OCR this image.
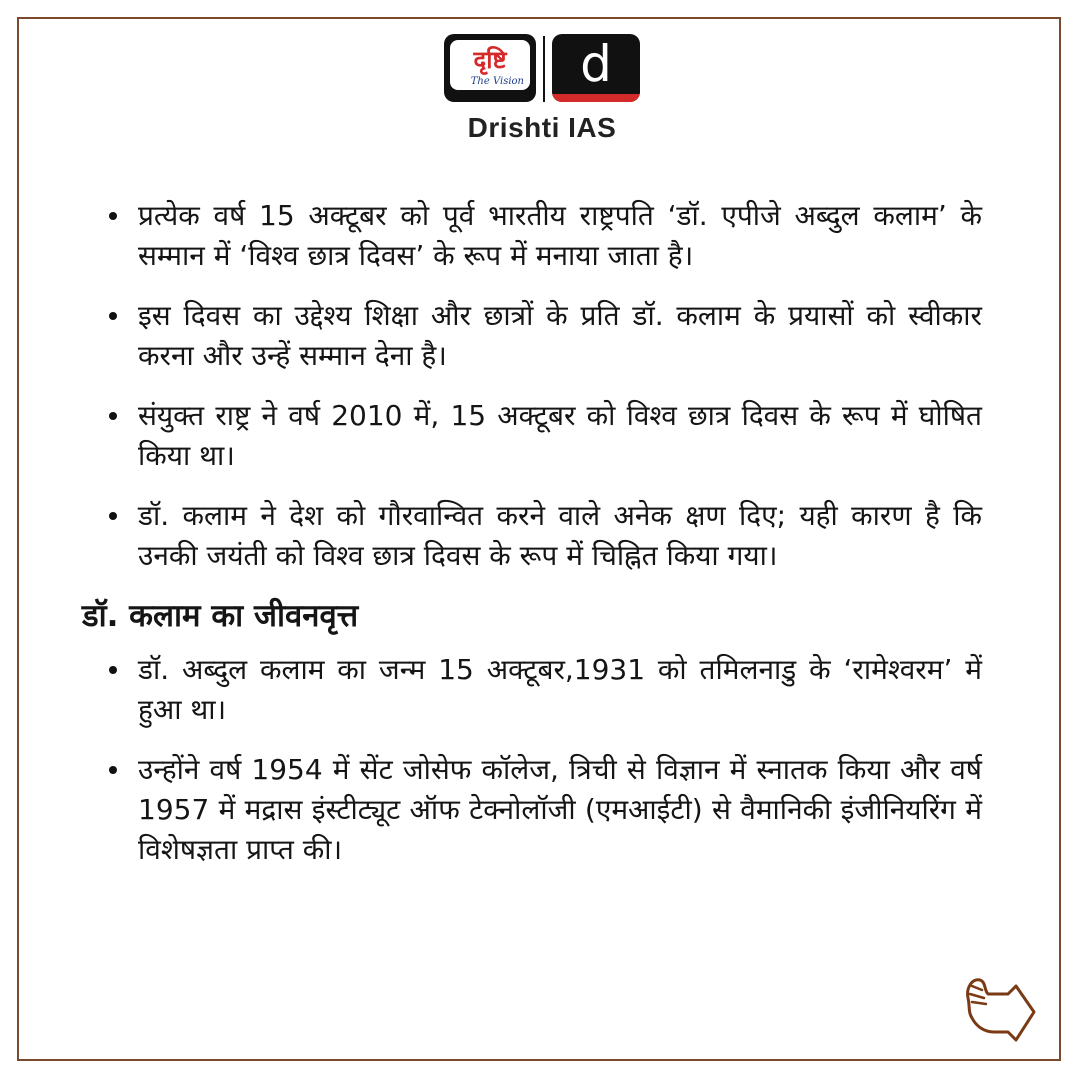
दृष्टि
The Vision	d
Drishti IAS
प्रत्येक वर्ष 15 अक्टूबर को पूर्व भारतीय राष्ट्रपति ‘डॉ. एपीजे अब्दुल कलाम’ के सम्मान में ‘विश्व छात्र दिवस’ के रूप में मनाया जाता है।
इस दिवस का उद्देश्य शिक्षा और छात्रों के प्रति डॉ. कलाम के प्रयासों को स्वीकार करना और उन्हें सम्मान देना है।
संयुक्त राष्ट्र ने वर्ष 2010 में, 15 अक्टूबर को विश्व छात्र दिवस के रूप में घोषित किया था।
डॉ. कलाम ने देश को गौरवान्वित करने वाले अनेक क्षण दिए; यही कारण है कि उनकी जयंती को विश्व छात्र दिवस के रूप में चिह्नित किया गया।
डॉ. कलाम का जीवनवृत्त
डॉ. अब्दुल कलाम का जन्म 15 अक्टूबर,1931 को तमिलनाडु के ‘रामेश्वरम’ में हुआ था।
उन्होंने वर्ष 1954 में सेंट जोसेफ कॉलेज, त्रिची से विज्ञान में स्नातक किया और वर्ष 1957 में मद्रास इंस्टीट्यूट ऑफ टेक्नोलॉजी (एमआईटी) से वैमानिकी इंजीनियरिंग में विशेषज्ञता प्राप्त की।
